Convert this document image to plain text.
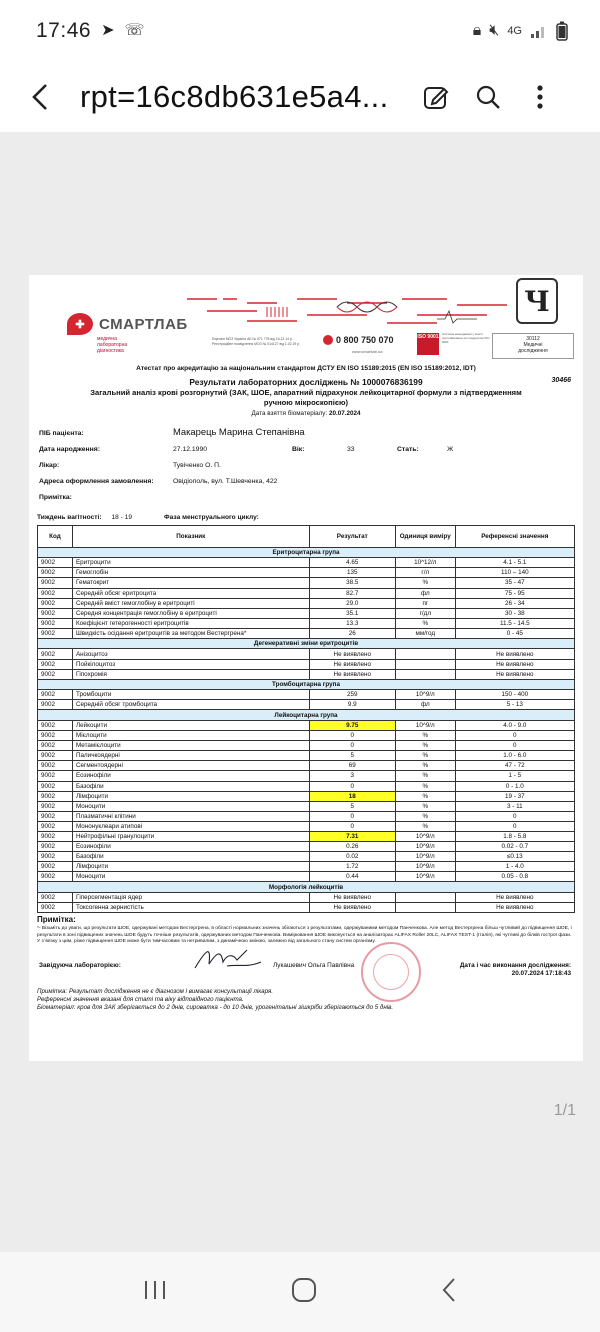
17:46 ➤ ☏	🔒︎ 🔇︎ 4G
rpt=16c8db631e5a4...
✚ СМАРТЛАБ
медична лабораторна діагностика
Ліцензія МОЗ України АЕ № 571 778 від 16.12.14 р.
Реєстраційне посвідчення МОЗ № 014127 від 1.02.19 р.	0 800 750 070
www.smartlab.ua
ISO 9001 Система менеджменту якості сертифікована за стандартом ISO 9001	30112
Медичні
дослідження
Ч
Атестат про акредитацію за національним стандартом ДСТУ EN ISO 15189:2015 (EN ISO 15189:2012, IDT)
Результати лабораторних досліджень № 1000076836199	30466
Загальний аналіз крові розгорнутий (ЗАК, ШОЕ, апаратний підрахунок лейкоцитарної формули з підтвердженням ручною мікроскопією)
Дата взяття біоматеріалу: 20.07.2024
ПІБ пацієнта:	Макарець Марина Степанівна
Дата народження:	27.12.1990	Вік:	33	Стать:	Ж
Лікар:	Тувіченко О. П.
Адреса оформлення замовлення:	Овідіополь, вул. Т.Шевченка, 422
Примітка:
Тиждень вагітності: 18 - 19	Фаза менструального циклу:
Код	Показник	Результат	Одиниця виміру	Референсні значення
Еритроцитарна група				
9002	Еритроцити	4.65	10^12/л	4.1 - 5.1
9002	Гемоглобін	135	г/л	110 – 140
9002	Гематокрит	38.5	%	35 - 47
9002	Середній обсяг еритроцита	82.7	фл	75 - 95
9002	Середній вміст гемоглобіну в еритроциті	29.0	пг	26 - 34
9002	Середня концентрація гемоглобіну в еритроциті	35.1	г/дл	30 - 38
9002	Коефіцієнт гетерогенності еритроцитів	13.3	%	11.5 - 14.5
9002	Швидкість осідання еритроцитів за методом Вестергрена*	26	мм/год	0 - 45
Дегенеративні зміни еритроцитів				
9002	Анізоцитоз	Не виявлено		Не виявлено
9002	Пойкілоцитоз	Не виявлено		Не виявлено
9002	Гіпохромія	Не виявлено		Не виявлено
Тромбоцитарна група				
9002	Тромбоцити	259	10^9/л	150 - 400
9002	Середній обсяг тромбоцита	9.9	фл	5 - 13
Лейкоцитарна група				
9002	Лейкоцити	9.75	10^9/л	4.0 - 9.0
9002	Мієлоцити	0	%	0
9002	Метамієлоцити	0	%	0
9002	Паличкоядерні	5	%	1.0 - 6.0
9002	Сегментоядерні	69	%	47 - 72
9002	Еозинофіли	3	%	1 - 5
9002	Базофіли	0	%	0 - 1.0
9002	Лімфоцити	18	%	19 - 37
9002	Моноцити	5	%	3 - 11
9002	Плазматичні клітини	0	%	0
9002	Мононуклеари атипові	0	%	0
9002	Нейтрофільні гранулоцити	7.31	10^9/л	1.8 - 5.8
9002	Еозинофіли	0.26	10^9/л	0.02 - 0.7
9002	Базофіли	0.02	10^9/л	≤0.13
9002	Лімфоцити	1.72	10^9/л	1 - 4.0
9002	Моноцити	0.44	10^9/л	0.05 - 0.8
Морфологія лейкоцитів				
9002	Гіперсегментація ядер	Не виявлено		Не виявлено
9002	Токсогенна зернистість	Не виявлено		Не виявлено
Примітка:
*- Візьміть до уваги, що результати ШОЕ, одержувані методом Вестергрена, в області нормальних значень збігаються з результатами, одержуваними методом Панченкова. Але метод Вестергрена більш чутливий до підвищення ШОЕ, і результати в зоні підвищених значень ШОЕ будуть точніше результатів, одержуваних методом Панченкова. Вимірювання ШОЕ виконується на аналізаторах ALIFAX Roller 20LC, ALIFAX TEST-1 (Італія), які чутливі до білків гострої фази. У з`вязку з цим, різке підвищення ШОЕ може бути тимчасовим та нетривалим, з динамічною зміною, залежно від загального стану систем організму.
Завідуюча лабораторією:	Лукашевич Ольга Павлівна	Дата і час виконання дослідження:
20.07.2024 17:18:43
Примітка: Результат дослідження не є діагнозом і вимагає консультації лікаря.
Референсні значення вказані для статі та віку відповідного пацієнта.
Біоматеріал: кров для ЗАК зберігається до 2 днів, сироватка - до 10 днів, урогенітальні зішкріби зберігаються до 5 днів.
1/1
